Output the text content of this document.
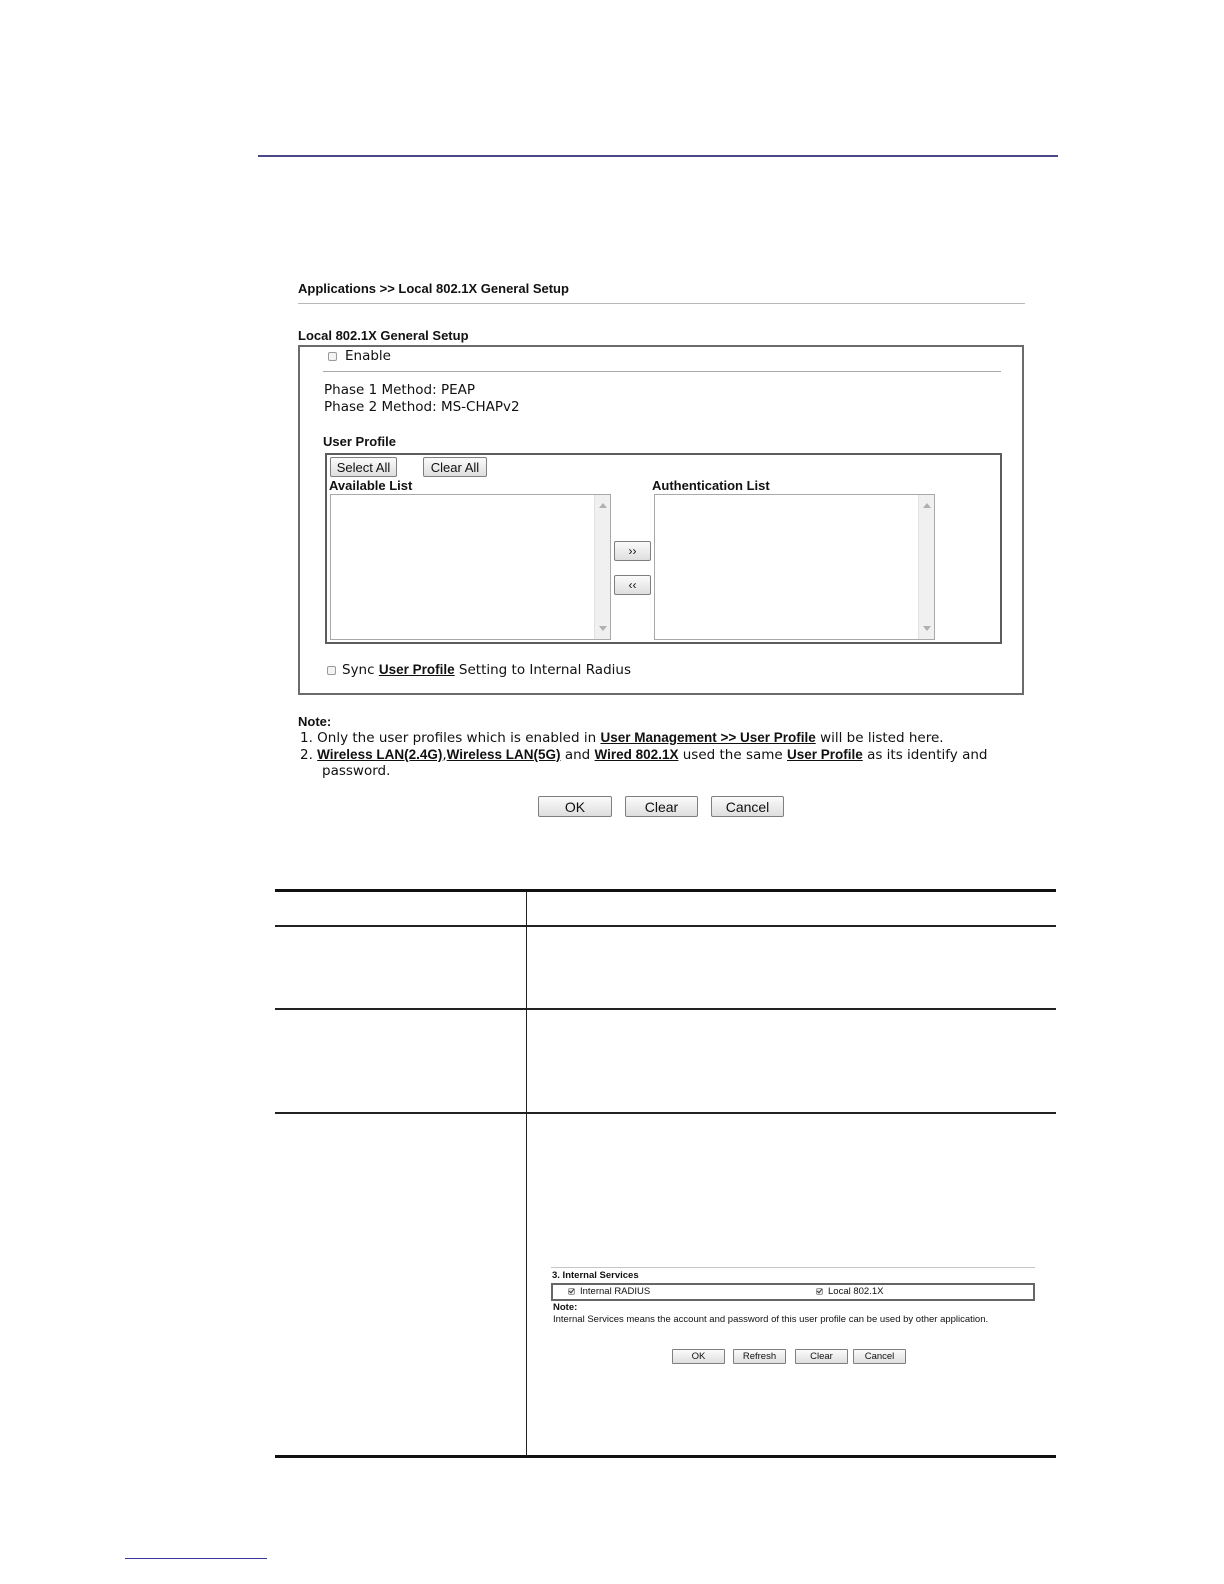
Applications >> Local 802.1X General Setup
Local 802.1X General Setup
Enable
Phase 1 Method: PEAP
Phase 2 Method: MS-CHAPv2
User Profile
Select All	Clear All
Available List	Authentication List
››
‹‹
Sync User Profile Setting to Internal Radius
Note:
1. Only the user profiles which is enabled in User Management >> User Profile will be listed here.
2. Wireless LAN(2.4G),Wireless LAN(5G) and Wired 802.1X used the same User Profile as its identify and
password.
OK	Clear	Cancel
3. Internal Services
Internal RADIUS	Local 802.1X
Note:
Internal Services means the account and password of this user profile can be used by other application.
OK	Refresh	Clear	Cancel
